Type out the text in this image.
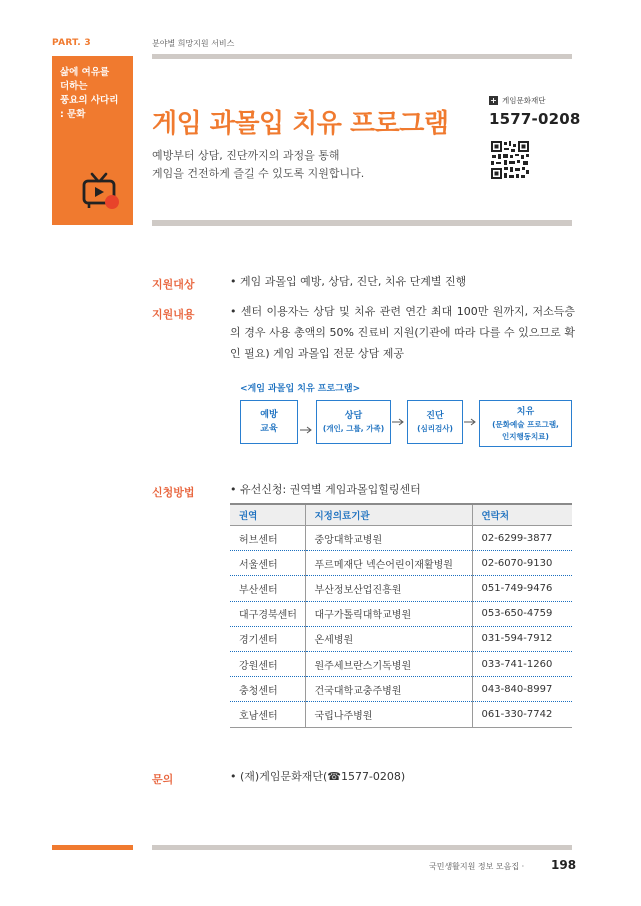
PART. 3	분야별 희망지원 서비스
삶에 여유를
더하는
풍요의 사다리
: 문화	게임 과몰입 치유 프로그램
예방부터 상담, 진단까지의 과정을 통해
게임을 건전하게 즐길 수 있도록 지원합니다.
+ 게임문화재단
1577-0208
지원대상	• 게임 과몰입 예방, 상담, 진단, 치유 단계별 진행
지원내용	• 센터 이용자는 상담 및 치유 관련 연간 최대 100만 원까지, 저소득층의 경우 사용 총액의 50% 진료비 지원(기관에 따라 다를 수 있으므로 확인 필요) 게임 과몰입 전문 상담 제공
<게임 과몰입 치유 프로그램>
예방
교육
상담
(개인, 그룹, 가족)
진단
(심리검사)
치유
(문화예술 프로그램,
인지행동치료)
신청방법	• 유선신청: 권역별 게임과몰입힐링센터
권역	지정의료기관	연락처
허브센터	중앙대학교병원	02-6299-3877
서울센터	푸르메재단 넥슨어린이재활병원	02-6070-9130
부산센터	부산정보산업진흥원	051-749-9476
대구경북센터	대구가톨릭대학교병원	053-650-4759
경기센터	온세병원	031-594-7912
강원센터	원주세브란스기독병원	033-741-1260
충청센터	건국대학교충주병원	043-840-8997
호남센터	국립나주병원	061-330-7742
문의	• (재)게임문화재단(☎1577-0208)
국민생활지원 정보 모음집 · 198
